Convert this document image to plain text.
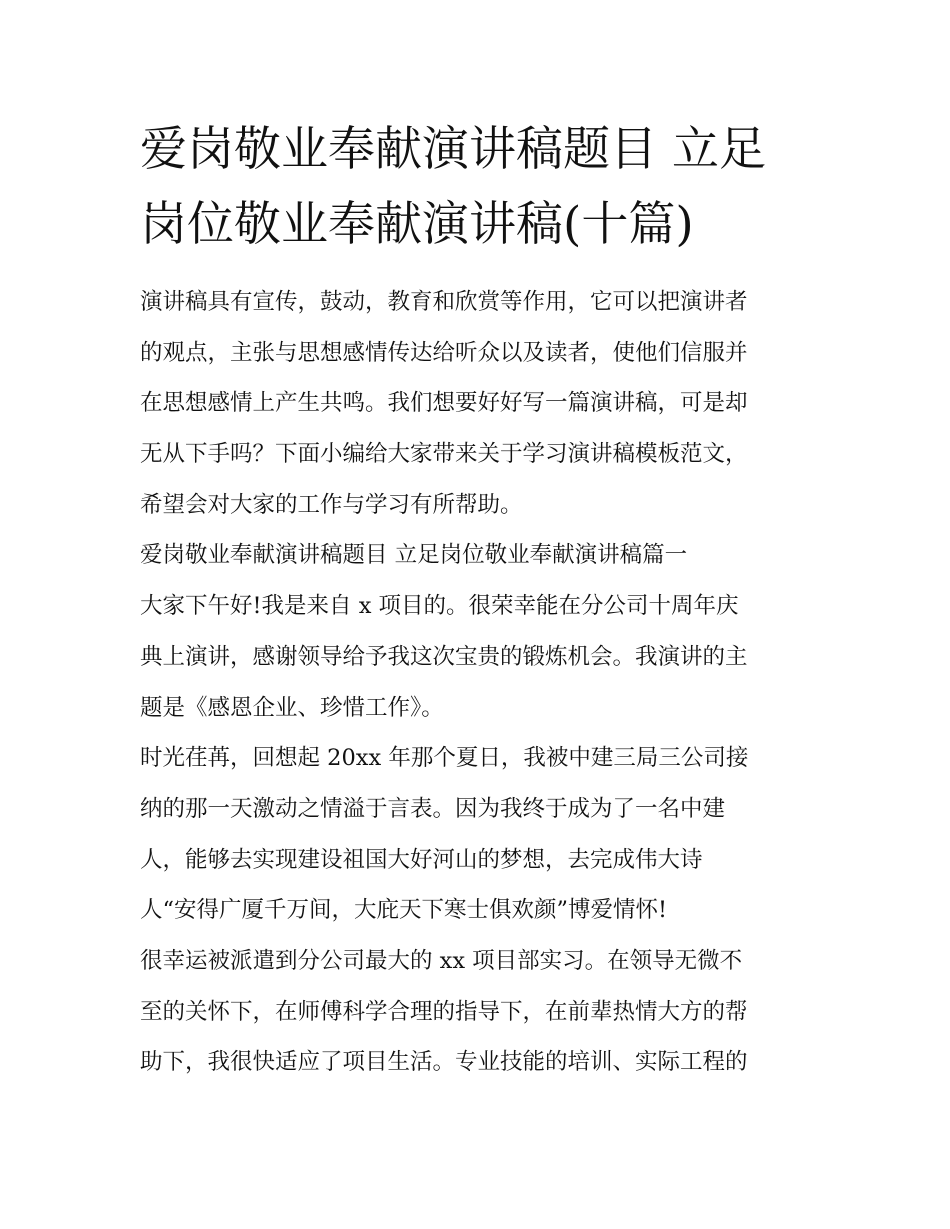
爱岗敬业奉献演讲稿题目 立足
岗位敬业奉献演讲稿(十篇)
演讲稿具有宣传，鼓动，教育和欣赏等作用，它可以把演讲者
的观点，主张与思想感情传达给听众以及读者，使他们信服并
在思想感情上产生共鸣。我们想要好好写一篇演讲稿，可是却
无从下手吗？下面小编给大家带来关于学习演讲稿模板范文，
希望会对大家的工作与学习有所帮助。
爱岗敬业奉献演讲稿题目 立足岗位敬业奉献演讲稿篇一
大家下午好!我是来自 x 项目的。很荣幸能在分公司十周年庆
典上演讲，感谢领导给予我这次宝贵的锻炼机会。我演讲的主
题是《感恩企业、珍惜工作》。
时光荏苒，回想起 20xx 年那个夏日，我被中建三局三公司接
纳的那一天激动之情溢于言表。因为我终于成为了一名中建
人，能够去实现建设祖国大好河山的梦想，去完成伟大诗
人“安得广厦千万间，大庇天下寒士俱欢颜”博爱情怀!
很幸运被派遣到分公司最大的 xx 项目部实习。在领导无微不
至的关怀下，在师傅科学合理的指导下，在前辈热情大方的帮
助下，我很快适应了项目生活。专业技能的培训、实际工程的
